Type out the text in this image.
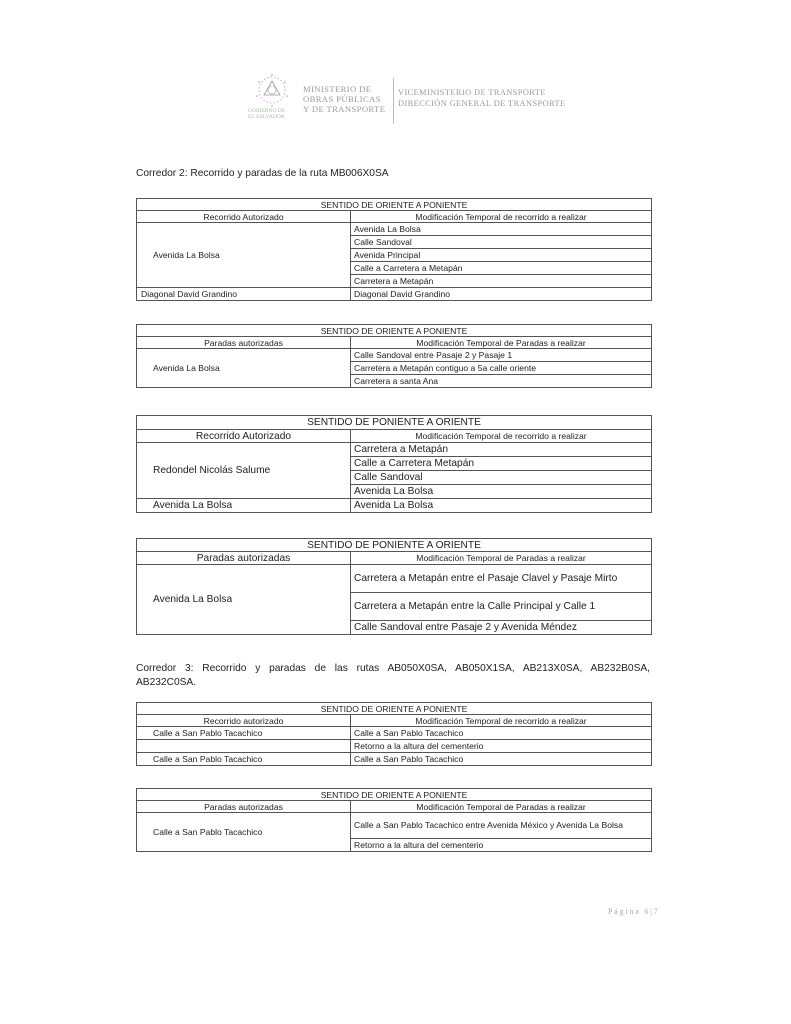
GOBIERNO DE
EL SALVADOR
MINISTERIO DE
OBRAS PÚBLICAS
Y DE TRANSPORTE
VICEMINISTERIO DE TRANSPORTE
DIRECCIÓN GENERAL DE TRANSPORTE
Corredor 2: Recorrido y paradas de la ruta MB006X0SA
SENTIDO DE ORIENTE A PONIENTE	
Recorrido Autorizado	Modificación Temporal de recorrido a realizar
Avenida La Bolsa	Avenida La Bolsa
	Calle Sandoval
	Avenida Principal
	Calle a Carretera a Metapán
	Carretera a Metapán
Diagonal David Grandino	Diagonal David Grandino
SENTIDO DE ORIENTE A PONIENTE	
Paradas autorizadas	Modificación Temporal de Paradas a realizar
Avenida La Bolsa	Calle Sandoval entre Pasaje 2 y Pasaje 1
	Carretera a Metapán contiguo a 5a calle oriente
	Carretera a santa Ana
SENTIDO DE PONIENTE A ORIENTE	
Recorrido Autorizado	Modificación Temporal de recorrido a realizar
Redondel Nicolás Salume	Carretera a Metapán
	Calle a Carretera Metapán
	Calle Sandoval
	Avenida La Bolsa
Avenida La Bolsa	Avenida La Bolsa
SENTIDO DE PONIENTE A ORIENTE	
Paradas autorizadas	Modificación Temporal de Paradas a realizar
Avenida La Bolsa	Carretera a Metapán entre el Pasaje Clavel y Pasaje Mirto
	Carretera a Metapán entre la Calle Principal y Calle 1
	Calle Sandoval entre Pasaje 2 y Avenida Méndez
Corredor 3: Recorrido y paradas de las rutas AB050X0SA, AB050X1SA, AB213X0SA, AB232B0SA,
AB232C0SA.
SENTIDO DE ORIENTE A PONIENTE	
Recorrido autorizado	Modificación Temporal de recorrido a realizar
Calle a San Pablo Tacachico	Calle a San Pablo Tacachico
	Retorno a la altura del cementerio
Calle a San Pablo Tacachico	Calle a San Pablo Tacachico
SENTIDO DE ORIENTE A PONIENTE	
Paradas autorizadas	Modificación Temporal de Paradas a realizar
Calle a San Pablo Tacachico	Calle a San Pablo Tacachico entre Avenida México y Avenida La Bolsa
	Retorno a la altura del cementerio
Página 6|7
